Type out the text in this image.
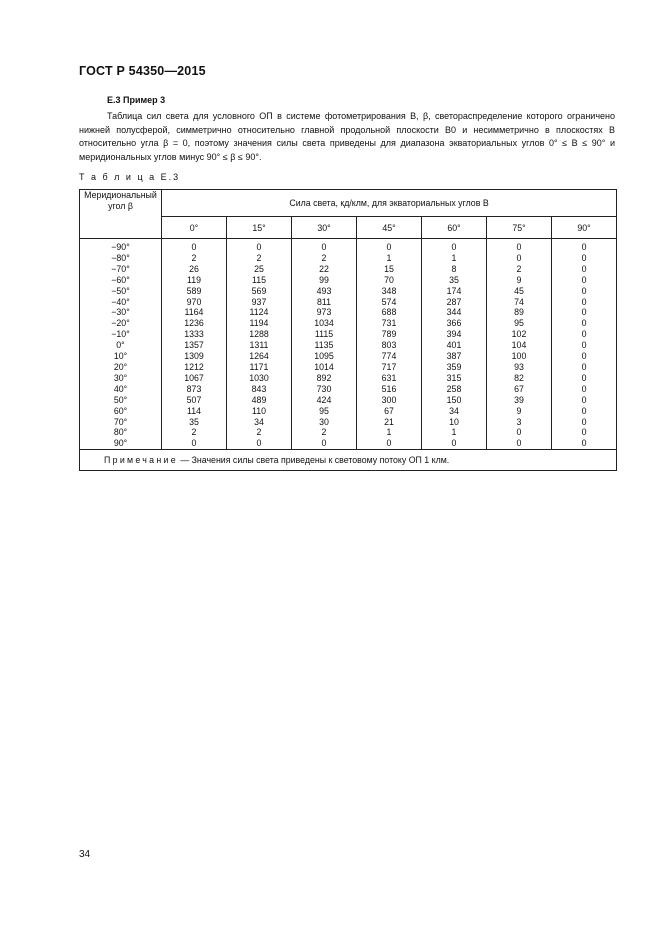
ГОСТ Р 54350—2015
Е.3 Пример 3
Таблица сил света для условного ОП в системе фотометрирования B, β, светораспределение которого ограничено нижней полусферой, симметрично относительно главной продольной плоскости B0 и несимметрично в плоскостях B относительно угла β = 0, поэтому значения силы света приведены для диапазона экваториальных углов 0° ≤ B ≤ 90° и меридиональных углов минус 90° ≤ β ≤ 90°.
Т а б л и ц а Е.3
Меридиональный угол β	Сила света, кд/клм, для экваториальных углов B						
	0°	15°	30°	45°	60°	75°	90°
−90°	0	0	0	0	0	0	0
−80°	2	2	2	1	1	0	0
−70°	26	25	22	15	8	2	0
−60°	119	115	99	70	35	9	0
−50°	589	569	493	348	174	45	0
−40°	970	937	811	574	287	74	0
−30°	1164	1124	973	688	344	89	0
−20°	1236	1194	1034	731	366	95	0
−10°	1333	1288	1115	789	394	102	0
0°	1357	1311	1135	803	401	104	0
10°	1309	1264	1095	774	387	100	0
20°	1212	1171	1014	717	359	93	0
30°	1067	1030	892	631	315	82	0
40°	873	843	730	516	258	67	0
50°	507	489	424	300	150	39	0
60°	114	110	95	67	34	9	0
70°	35	34	30	21	10	3	0
80°	2	2	2	1	1	0	0
90°	0	0	0	0	0	0	0
Примечание — Значения силы света приведены к световому потоку ОП 1 клм.							
34
